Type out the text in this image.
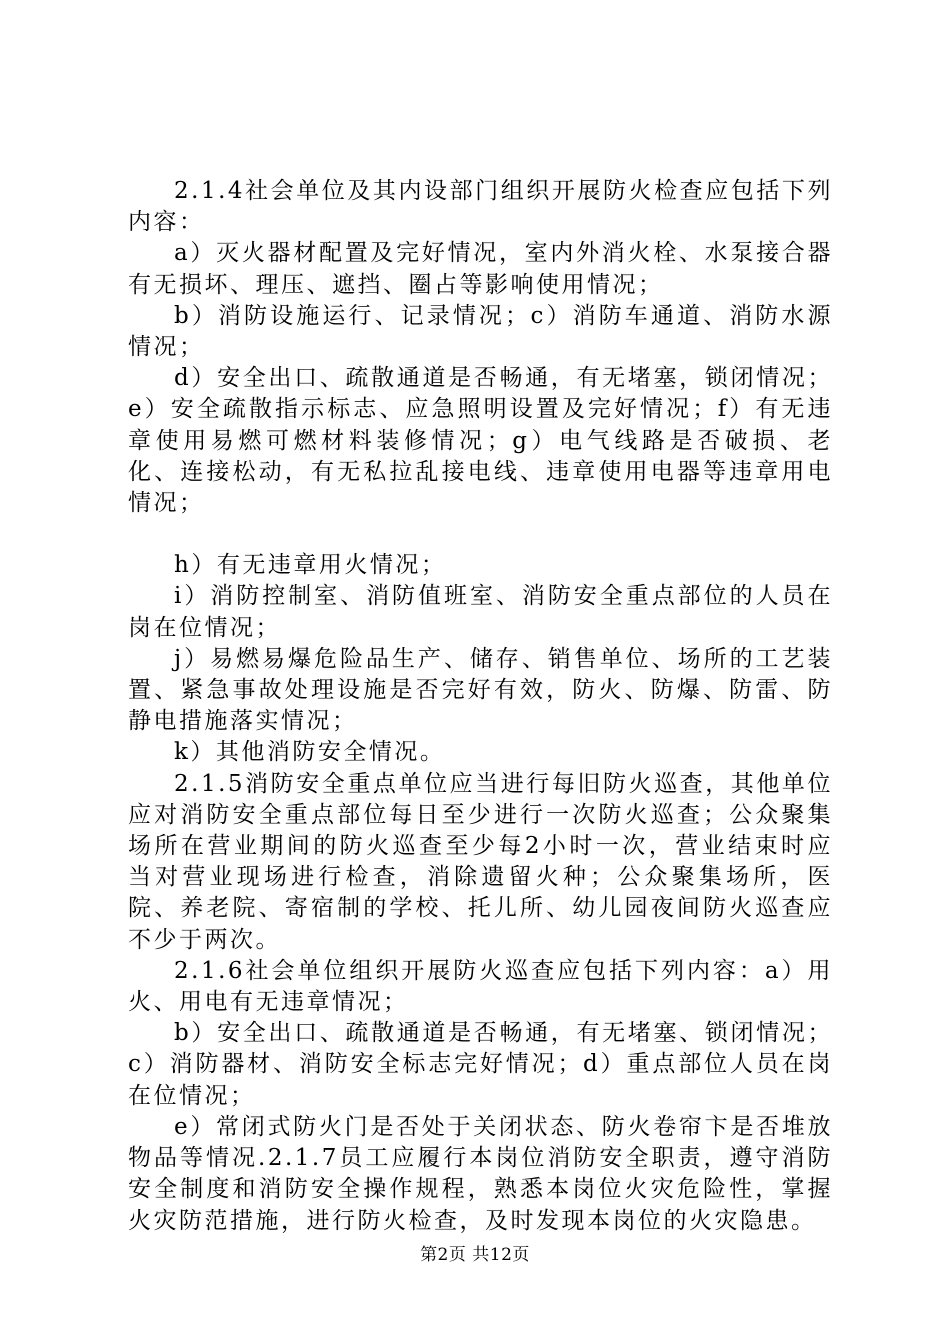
2.1.4社会单位及其内设部门组织开展防火检查应包括下列内容：

a）灭火器材配置及完好情况，室内外消火栓、水泵接合器有无损坏、理压、遮挡、圈占等影响使用情况；

b）消防设施运行、记录情况；c）消防车通道、消防水源情况；

d）安全出口、疏散通道是否畅通，有无堵塞，锁闭情况；e）安全疏散指示标志、应急照明设置及完好情况；f）有无违章使用易燃可燃材料装修情况；g）电气线路是否破损、老化、连接松动，有无私拉乱接电线、违章使用电器等违章用电情况；

h）有无违章用火情况；

i）消防控制室、消防值班室、消防安全重点部位的人员在岗在位情况；

j）易燃易爆危险品生产、储存、销售单位、场所的工艺装置、紧急事故处理设施是否完好有效，防火、防爆、防雷、防静电措施落实情况；

k）其他消防安全情况。

2.1.5消防安全重点单位应当进行每旧防火巡查，其他单位应对消防安全重点部位每日至少进行一次防火巡查；公众聚集场所在营业期间的防火巡查至少每2小时一次，营业结束时应当对营业现场进行检查，消除遗留火种；公众聚集场所，医院、养老院、寄宿制的学校、托儿所、幼儿园夜间防火巡查应不少于两次。

2.1.6社会单位组织开展防火巡查应包括下列内容：a）用火、用电有无违章情况；

b）安全出口、疏散通道是否畅通，有无堵塞、锁闭情况；c）消防器材、消防安全标志完好情况；d）重点部位人员在岗在位情况；

e）常闭式防火门是否处于关闭状态、防火卷帘卞是否堆放物品等情况.2.1.7员工应履行本岗位消防安全职责，遵守消防安全制度和消防安全操作规程，熟悉本岗位火灾危险性，掌握火灾防范措施，进行防火检查，及时发现本岗位的火灾隐患。

第2页 共12页
